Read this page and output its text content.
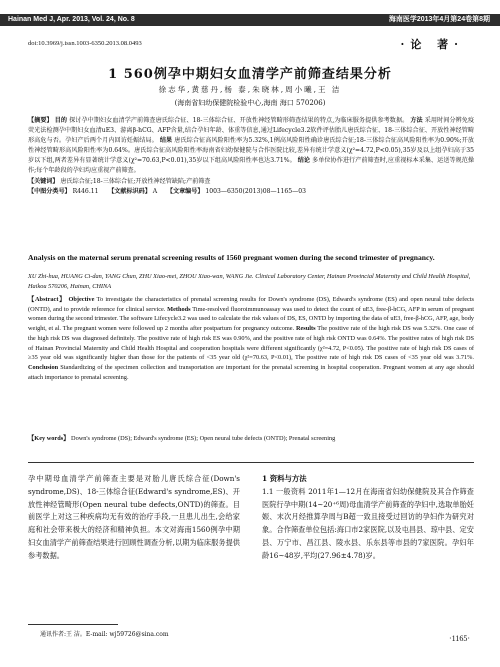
Hainan Med J, Apr. 2013, Vol. 24, No. 8	海南医学2013年4月第24卷第8期
doi:10.3969/j.issn.1003-6350.2013.08.0493	·论 著·
1 560例孕中期妇女血清学产前筛查结果分析
徐志华,黄慈丹,杨 泰,朱晓林,周小曦,王 洁
(海南省妇幼保健院检验中心,海南 海口 570206)
【摘要】 目的 探讨孕中期妇女血清学产前筛查唐氏综合征、18-三体综合征、开放性神经管畸形筛查结果的特点,为临床服务提供参考数据。 方法 采用时间分辨免疫荧光法检测孕中期妇女血清uE3、游离β-hCG、AFP含量,结合孕妇年龄、体重等信息,通过Lifecycle3.2软件评估胎儿唐氏综合征、18-三体综合征、开放性神经管畸形高危与否。孕妇产后两个月内回访妊娠结局。 结果 唐氏综合征高风险阳性率为5.32%,1例高风险阳性确诊唐氏综合征;18-三体综合征高风险阳性率为0.90%;开放性神经管畸形高风险阳性率为0.64%。唐氏综合征高风险阳性率海南省妇幼保健院与合作医院比较,差异有统计学意义(χ²=4.72,P<0.05),35岁及以上组孕妇高于35岁以下组,两者差异有显著统计学意义(χ²=70.63,P<0.01),35岁以下组高风险阳性率也达3.71%。 结论 多单位协作进行产前筛查时,应重视标本采集、运送等规范操作;每个年龄段的孕妇均应重视产前筛查。
【关键词】 唐氏综合征;18-三体综合征;开放性神经管缺陷;产前筛查
【中图分类号】 R446.11 【文献标识码】 A 【文章编号】 1003—6350(2013)08—1165—03
Analysis on the maternal serum prenatal screening results of 1560 pregnant women during the second trimester of pregnancy.
XU Zhi-hua, HUANG Ci-dan, YANG Chun, ZHU Xiao-mei, ZHOU Xiao-wan, WANG Jie. Clinical Laboratory Center, Hainan Provincial Maternity and Child Health Hospital, Haikou 570206, Hainan, CHINA
【Abstract】 Objective To investigate the characteristics of prenatal screening results for Down's syndrome (DS), Edward's syndrome (ES) and open neural tube defects (ONTD), and to provide reference for clinical service. Methods Time-resolved fluoroimmunoassay was used to detect the count of uE3, free-β-hCG, AFP in serum of pregnant women during the second trimester. The software Lifecycle3.2 was used to calculate the risk values of DS, ES, ONTD by importing the data of uE3, free-β-hCG, AFP, age, body weight, et al. The pregnant women were followed up 2 months after postpartum for pregnancy outcome. Results The positive rate of the high risk DS was 5.32%. One case of the high risk DS was diagnosed definitely. The positive rate of high risk ES was 0.90%, and the positive rate of high risk ONTD was 0.64%. The positive rates of high risk DS of Hainan Provincial Maternity and Child Health Hospital and cooperation hospitals were different significantly (χ²=4.72, P<0.05). The positive rate of high risk DS cases of ≥35 year old was significantly higher than those for the patients of <35 year old (χ²=70.63, P<0.01), The positive rate of high risk DS cases of <35 year old was 3.71%. Conclusion Standardizing of the specimen collection and transportation are important for the prenatal screening in hospital cooperation. Pregnant women at any age should attach importance to prenatal screening.
【Key words】 Down's syndrome (DS); Edward's syndrome (ES); Open neural tube defects (ONTD); Prenatal screening
孕中期母血清学产前筛查主要是对胎儿唐氏综合征(Down's syndrome,DS)、18-三体综合征(Edward's syndrome,ES)、开放性神经管畸形(Open neural tube defects,ONTD)的筛查。目前医学上对这三种疾病均无有效的治疗手段,一旦患儿出生,会给家庭和社会带来极大的经济和精神负担。本文对海南1560例孕中期妇女血清学产前筛查结果进行回顾性调查分析,以期为临床服务提供参考数据。
1 资料与方法
1.1 一般资料 2011年1—12月在海南省妇幼保健院及其合作筛查医院行孕中期(14~20⁺⁶周)母血清学产前筛查的孕妇中,选取单胎妊娠、末次月经推算孕周与B超一致且接受过回访的孕妇作为研究对象。合作筛查单位包括:海口市2家医院,以及屯昌县、琼中县、定安县、万宁市、昌江县、陵水县、乐东县等市县的7家医院。孕妇年龄16~48岁,平均(27.96±4.78)岁。
通讯作者:王 洁。E-mail: wj59726@sina.com	·1165·
